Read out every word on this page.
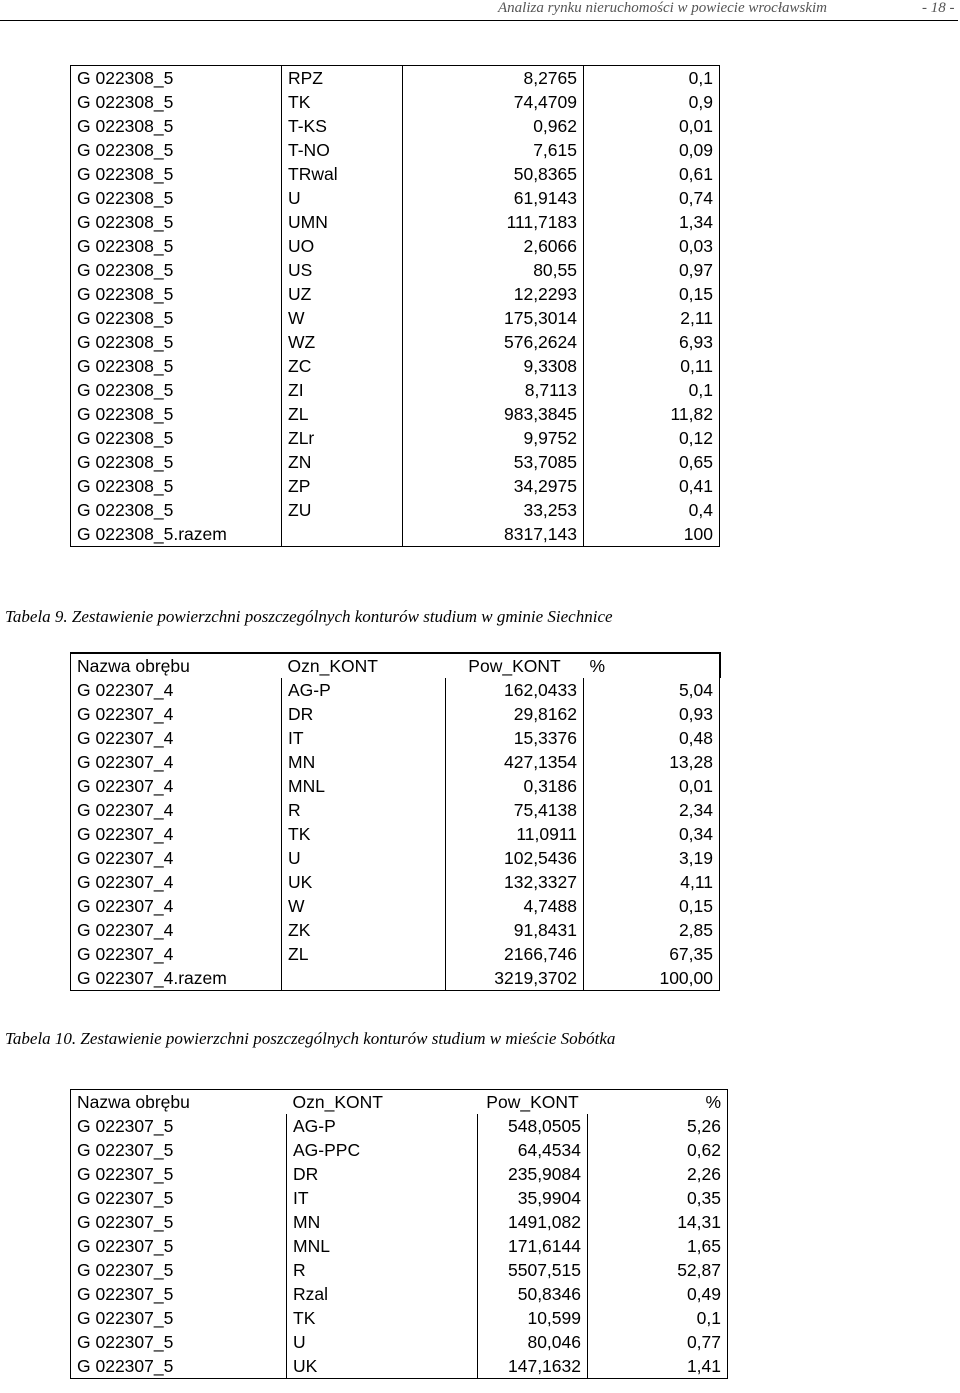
Analiza rynku nieruchomości w powiecie wrocławskim	- 18 -
G 022308_5	RPZ	8,2765	0,1
G 022308_5	TK	74,4709	0,9
G 022308_5	T-KS	0,962	0,01
G 022308_5	T-NO	7,615	0,09
G 022308_5	TRwal	50,8365	0,61
G 022308_5	U	61,9143	0,74
G 022308_5	UMN	111,7183	1,34
G 022308_5	UO	2,6066	0,03
G 022308_5	US	80,55	0,97
G 022308_5	UZ	12,2293	0,15
G 022308_5	W	175,3014	2,11
G 022308_5	WZ	576,2624	6,93
G 022308_5	ZC	9,3308	0,11
G 022308_5	ZI	8,7113	0,1
G 022308_5	ZL	983,3845	11,82
G 022308_5	ZLr	9,9752	0,12
G 022308_5	ZN	53,7085	0,65
G 022308_5	ZP	34,2975	0,41
G 022308_5	ZU	33,253	0,4
G 022308_5.razem		8317,143	100
Tabela 9. Zestawienie powierzchni poszczególnych konturów studium w gminie Siechnice
Nazwa obrębu	Ozn_KONT	Pow_KONT	%
G 022307_4	AG-P	162,0433	5,04
G 022307_4	DR	29,8162	0,93
G 022307_4	IT	15,3376	0,48
G 022307_4	MN	427,1354	13,28
G 022307_4	MNL	0,3186	0,01
G 022307_4	R	75,4138	2,34
G 022307_4	TK	11,0911	0,34
G 022307_4	U	102,5436	3,19
G 022307_4	UK	132,3327	4,11
G 022307_4	W	4,7488	0,15
G 022307_4	ZK	91,8431	2,85
G 022307_4	ZL	2166,746	67,35
G 022307_4.razem		3219,3702	100,00
Tabela 10. Zestawienie powierzchni poszczególnych konturów studium w mieście Sobótka
Nazwa obrębu	Ozn_KONT	Pow_KONT	%
G 022307_5	AG-P	548,0505	5,26
G 022307_5	AG-PPC	64,4534	0,62
G 022307_5	DR	235,9084	2,26
G 022307_5	IT	35,9904	0,35
G 022307_5	MN	1491,082	14,31
G 022307_5	MNL	171,6144	1,65
G 022307_5	R	5507,515	52,87
G 022307_5	Rzal	50,8346	0,49
G 022307_5	TK	10,599	0,1
G 022307_5	U	80,046	0,77
G 022307_5	UK	147,1632	1,41
